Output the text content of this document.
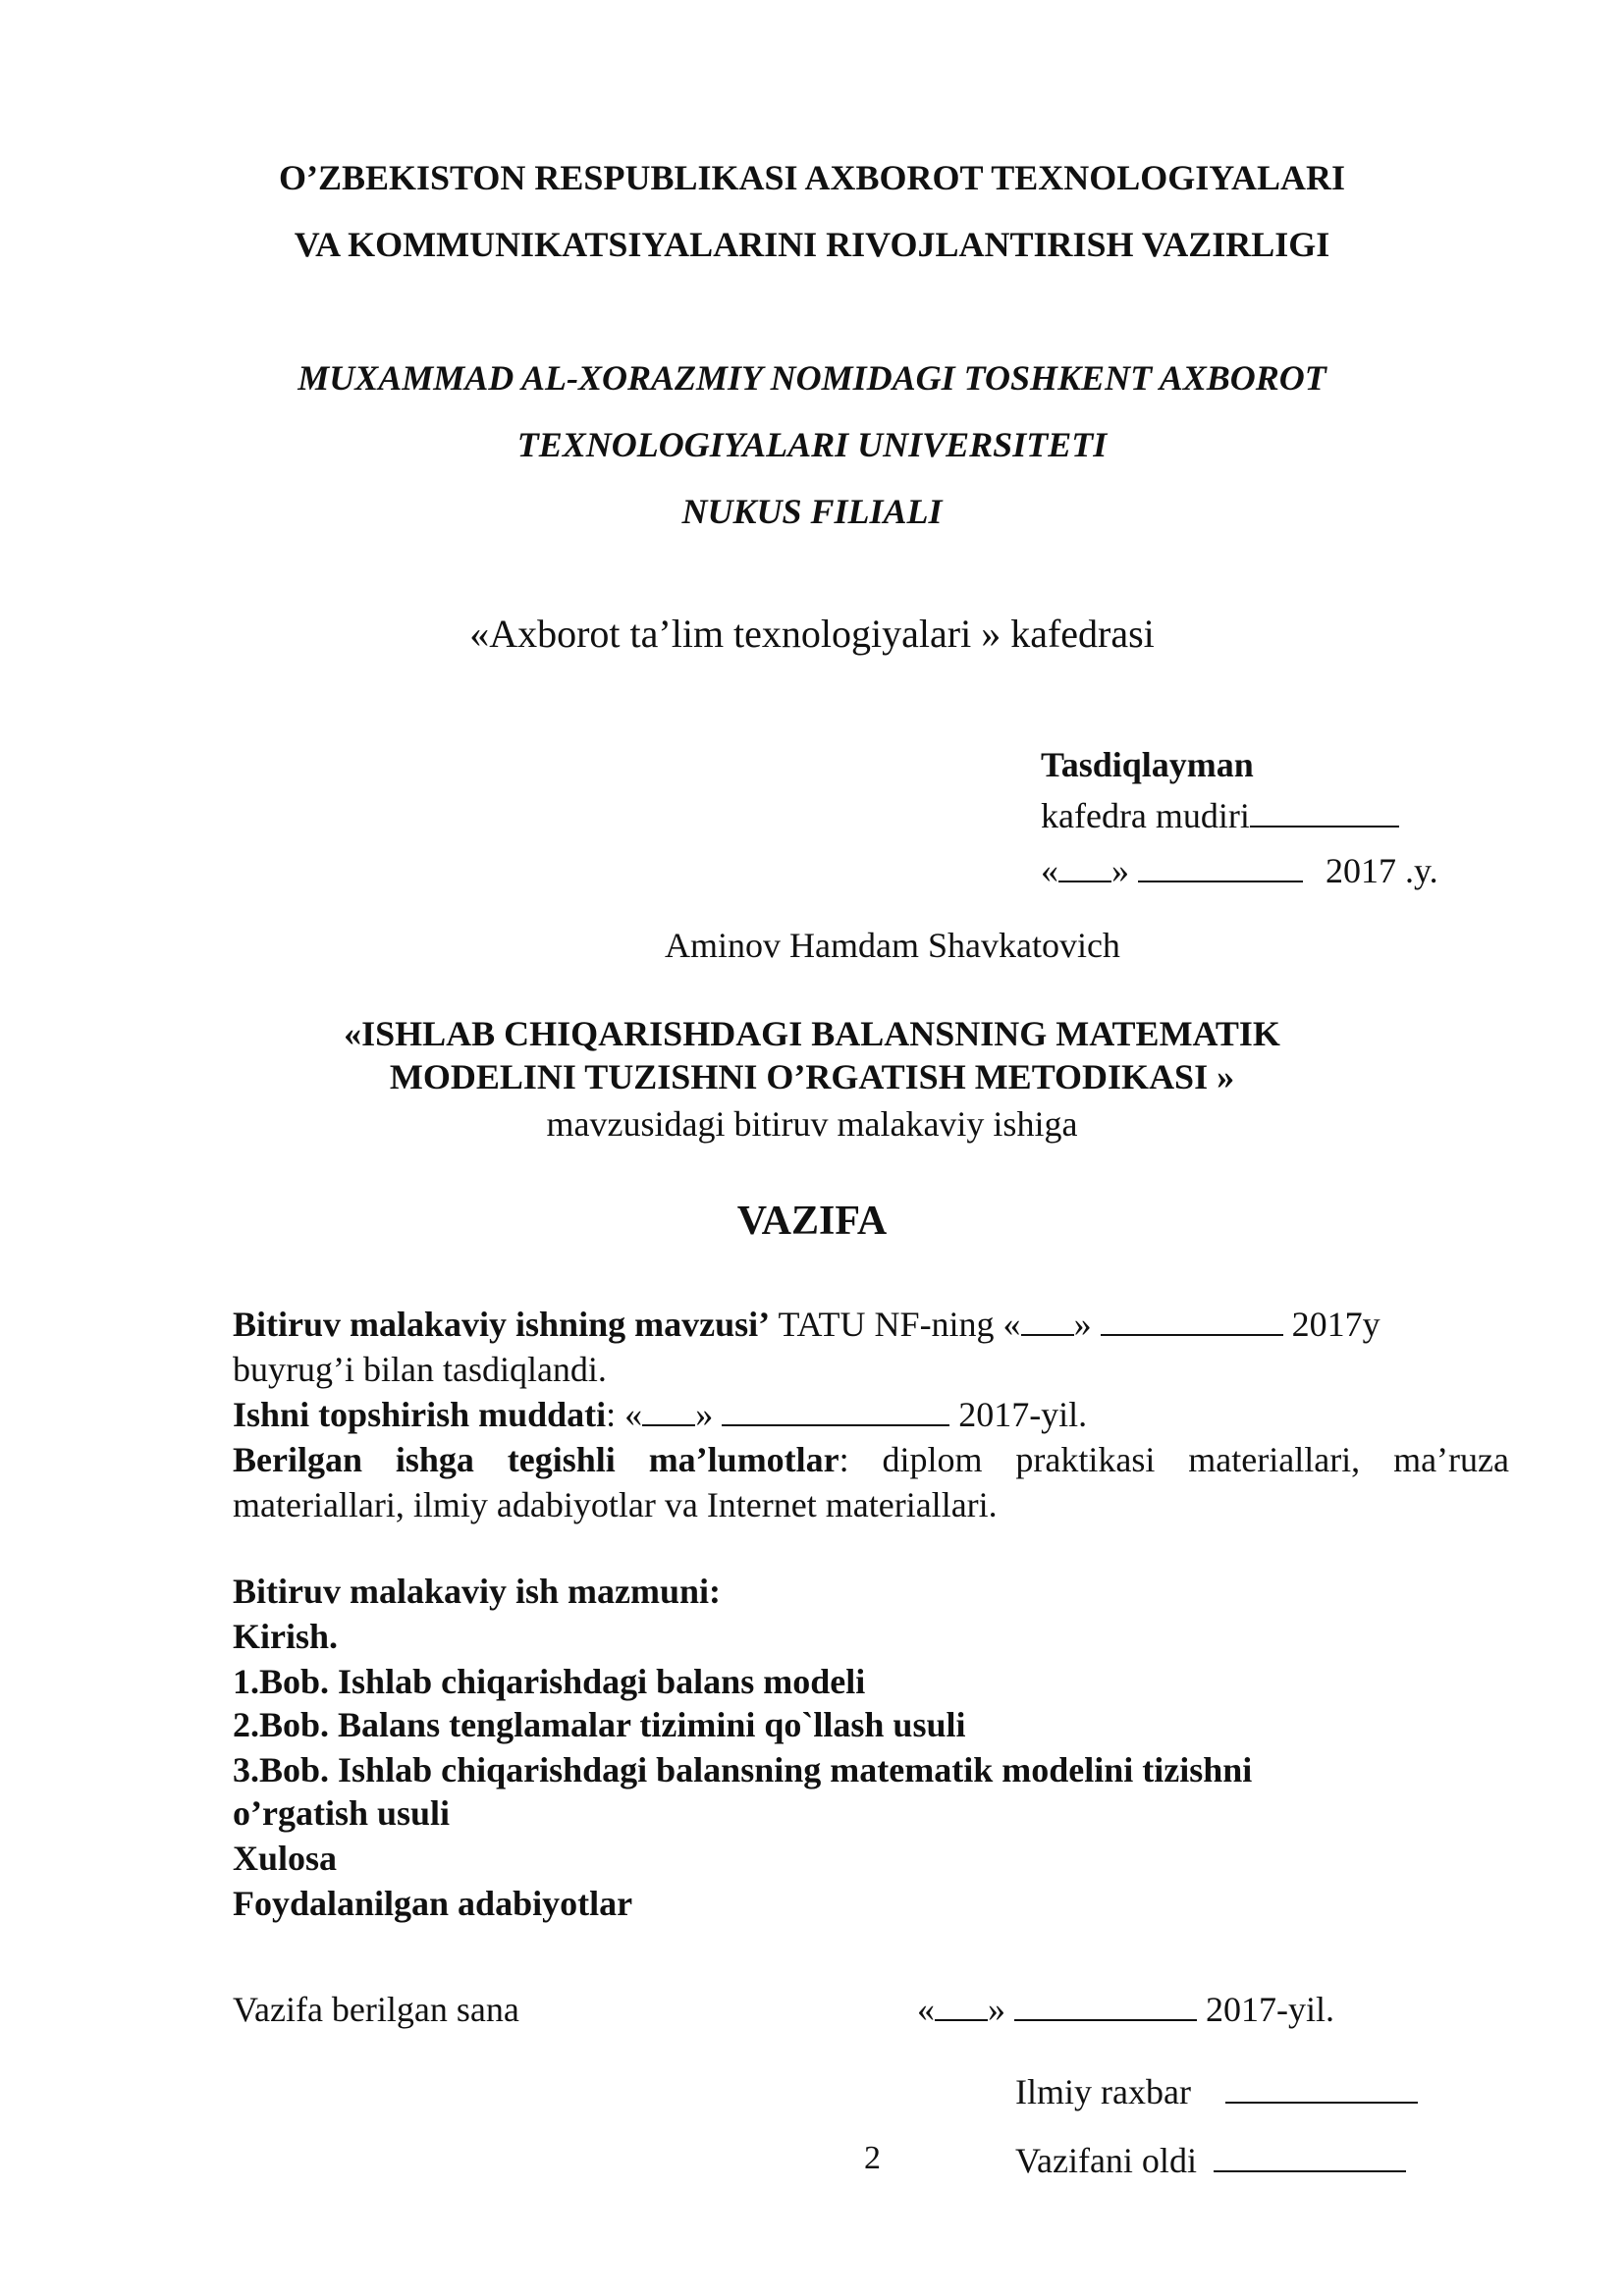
O’ZBEKISTON RESPUBLIKASI AXBOROT TEXNOLOGIYALARI
VA KOMMUNIKATSIYALARINI RIVOJLANTIRISH VAZIRLIGI
MUXAMMAD AL-XORAZMIY NOMIDAGI TOSHKENT AXBOROT
TEXNOLOGIYALARI UNIVERSITETI
NUKUS FILIALI
«Axborot ta’lim texnologiyalari » kafedrasi
Tasdiqlayman
kafedra mudiri
« »	2017 .y.
Aminov Hamdam Shavkatovich
«ISHLAB CHIQARISHDAGI BALANSNING MATEMATIK
MODELINI TUZISHNI O’RGATISH METODIKASI »
mavzusidagi bitiruv malakaviy ishiga
VAZIFA
Bitiruv malakaviy ishning mavzusi’ TATU NF-ning « »	2017y
buyrug’i bilan tasdiqlandi.
Ishni topshirish muddati: « »	2017-yil.
Berilgan ishga tegishli ma’lumotlar: diplom praktikasi materiallari, ma’ruza
materiallari, ilmiy adabiyotlar va Internet materiallari.
Bitiruv malakaviy ish mazmuni:
Kirish.
1.Bob. Ishlab chiqarishdagi balans modeli
2.Bob. Balans tenglamalar tizimini qo`llash usuli
3.Bob. Ishlab chiqarishdagi balansning matematik modelini tizishni
o’rgatish usuli
Xulosa
Foydalanilgan adabiyotlar
Vazifa berilgan sana	« »	2017-yil.
Ilmiy raxbar
2	Vazifani oldi
